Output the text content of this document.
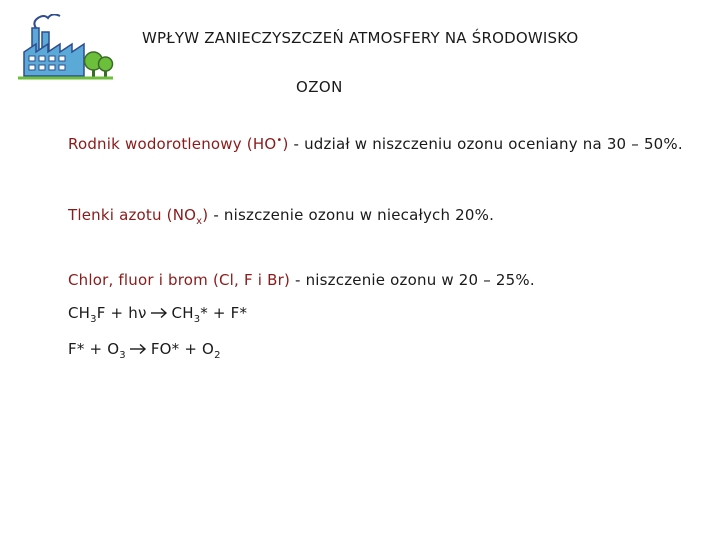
WPŁYW ZANIECZYSZCZEŃ ATMOSFERY NA ŚRODOWISKO
OZON
Rodnik wodorotlenowy (HO•) - udział w niszczeniu ozonu oceniany na 30 – 50%.
Tlenki azotu $(NO_x)$ - niszczenie ozonu w niecałych 20%.
Chlor, fluor i brom (Cl, F i Br) - niszczenie ozonu w 20 – 25%.
$CH_3F + h\nu$ $CH_3* + F*$
$F* + O_3$ $FO* + O_2$
